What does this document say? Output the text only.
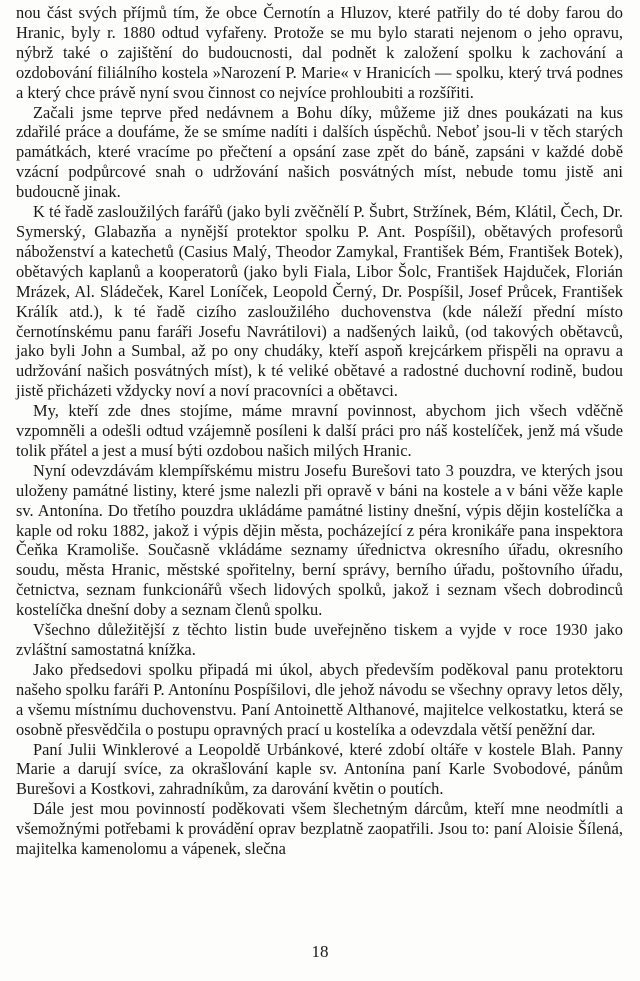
nou část svých příjmů tím, že obce Černotín a Hluzov, které patřily do té doby farou do Hranic, byly r. 1880 odtud vyfařeny. Protože se mu bylo starati nejenom o jeho opravu, nýbrž také o zajištění do budoucnosti, dal podnět k založení spolku k zachování a ozdobování filiálního kostela »Narození P. Marie« v Hranicích — spolku, který trvá podnes a který chce právě nyní svou činnost co nejvíce prohloubiti a rozšířiti.

Začali jsme teprve před nedávnem a Bohu díky, můžeme již dnes poukázati na kus zdařilé práce a doufáme, že se smíme nadíti i dalších úspěchů. Neboť jsou-li v těch starých památkách, které vracíme po přečtení a opsání zase zpět do báně, zapsáni v každé době vzácní podpůrcové snah o udržování našich posvátných míst, nebude tomu jistě ani budoucně jinak.

K té řadě zasloužilých farářů (jako byli zvěčnělí P. Šubrt, Stržínek, Bém, Klátil, Čech, Dr. Symerský, Glabazňa a nynější protektor spolku P. Ant. Pospíšil), obětavých profesorů náboženství a katechetů (Casius Malý, Theodor Zamykal, František Bém, František Botek), obětavých kaplanů a kooperatorů (jako byli Fiala, Libor Šolc, František Hajduček, Florián Mrázek, Al. Sládeček, Karel Loníček, Leopold Černý, Dr. Pospíšil, Josef Průcek, František Králík atd.), k té řadě cizího zasloužilého duchovenstva (kde náleží přední místo černotínskému panu faráři Josefu Navrátilovi) a nadšených laiků, (od takových obětavců, jako byli John a Sumbal, až po ony chudáky, kteří aspoň krejcárkem přispěli na opravu a udržování našich posvátných míst), k té veliké obětavé a radostné duchovní rodině, budou jistě přicházeti vždycky noví a noví pracovníci a obětavci.

My, kteří zde dnes stojíme, máme mravní povinnost, abychom jich všech vděčně vzpomněli a odešli odtud vzájemně posíleni k další práci pro náš kostelíček, jenž má všude tolik přátel a jest a musí býti ozdobou našich milých Hranic.

Nyní odevzdávám klempířskému mistru Josefu Burešovi tato 3 pouzdra, ve kterých jsou uloženy památné listiny, které jsme nalezli při opravě v báni na kostele a v báni věže kaple sv. Antonína. Do třetího pouzdra ukládáme památné listiny dnešní, výpis dějin kostelíčka a kaple od roku 1882, jakož i výpis dějin města, pocházející z péra kronikáře pana inspektora Čeňka Kramoliše. Současně vkládáme seznamy úřednictva okresního úřadu, okresního soudu, města Hranic, městské spořitelny, berní správy, berního úřadu, poštovního úřadu, četnictva, seznam funkcionářů všech lidových spolků, jakož i seznam všech dobrodinců kostelíčka dnešní doby a seznam členů spolku.

Všechno důležitější z těchto listin bude uveřejněno tiskem a vyjde v roce 1930 jako zvláštní samostatná knížka.

Jako předsedovi spolku připadá mi úkol, abych především poděkoval panu protektoru našeho spolku faráři P. Antonínu Pospíšilovi, dle jehož návodu se všechny opravy letos děly, a všemu místnímu duchovenstvu. Paní Antoinettě Althanové, majitelce velkostatku, která se osobně přesvědčila o postupu opravných prací u kostelíka a odevzdala větší peněžní dar.

Paní Julii Winklerové a Leopoldě Urbánkové, které zdobí oltáře v kostele Blah. Panny Marie a darují svíce, za okrašlování kaple sv. Antonína paní Karle Svobodové, pánům Burešovi a Kostkovi, zahradníkům, za darování květin o poutích.

Dále jest mou povinností poděkovati všem šlechetným dárcům, kteří mne neodmítli a všemožnými potřebami k provádění oprav bezplatně zaopatřili. Jsou to: paní Aloisie Šílená, majitelka kamenolomu a vápenek, slečna

18
